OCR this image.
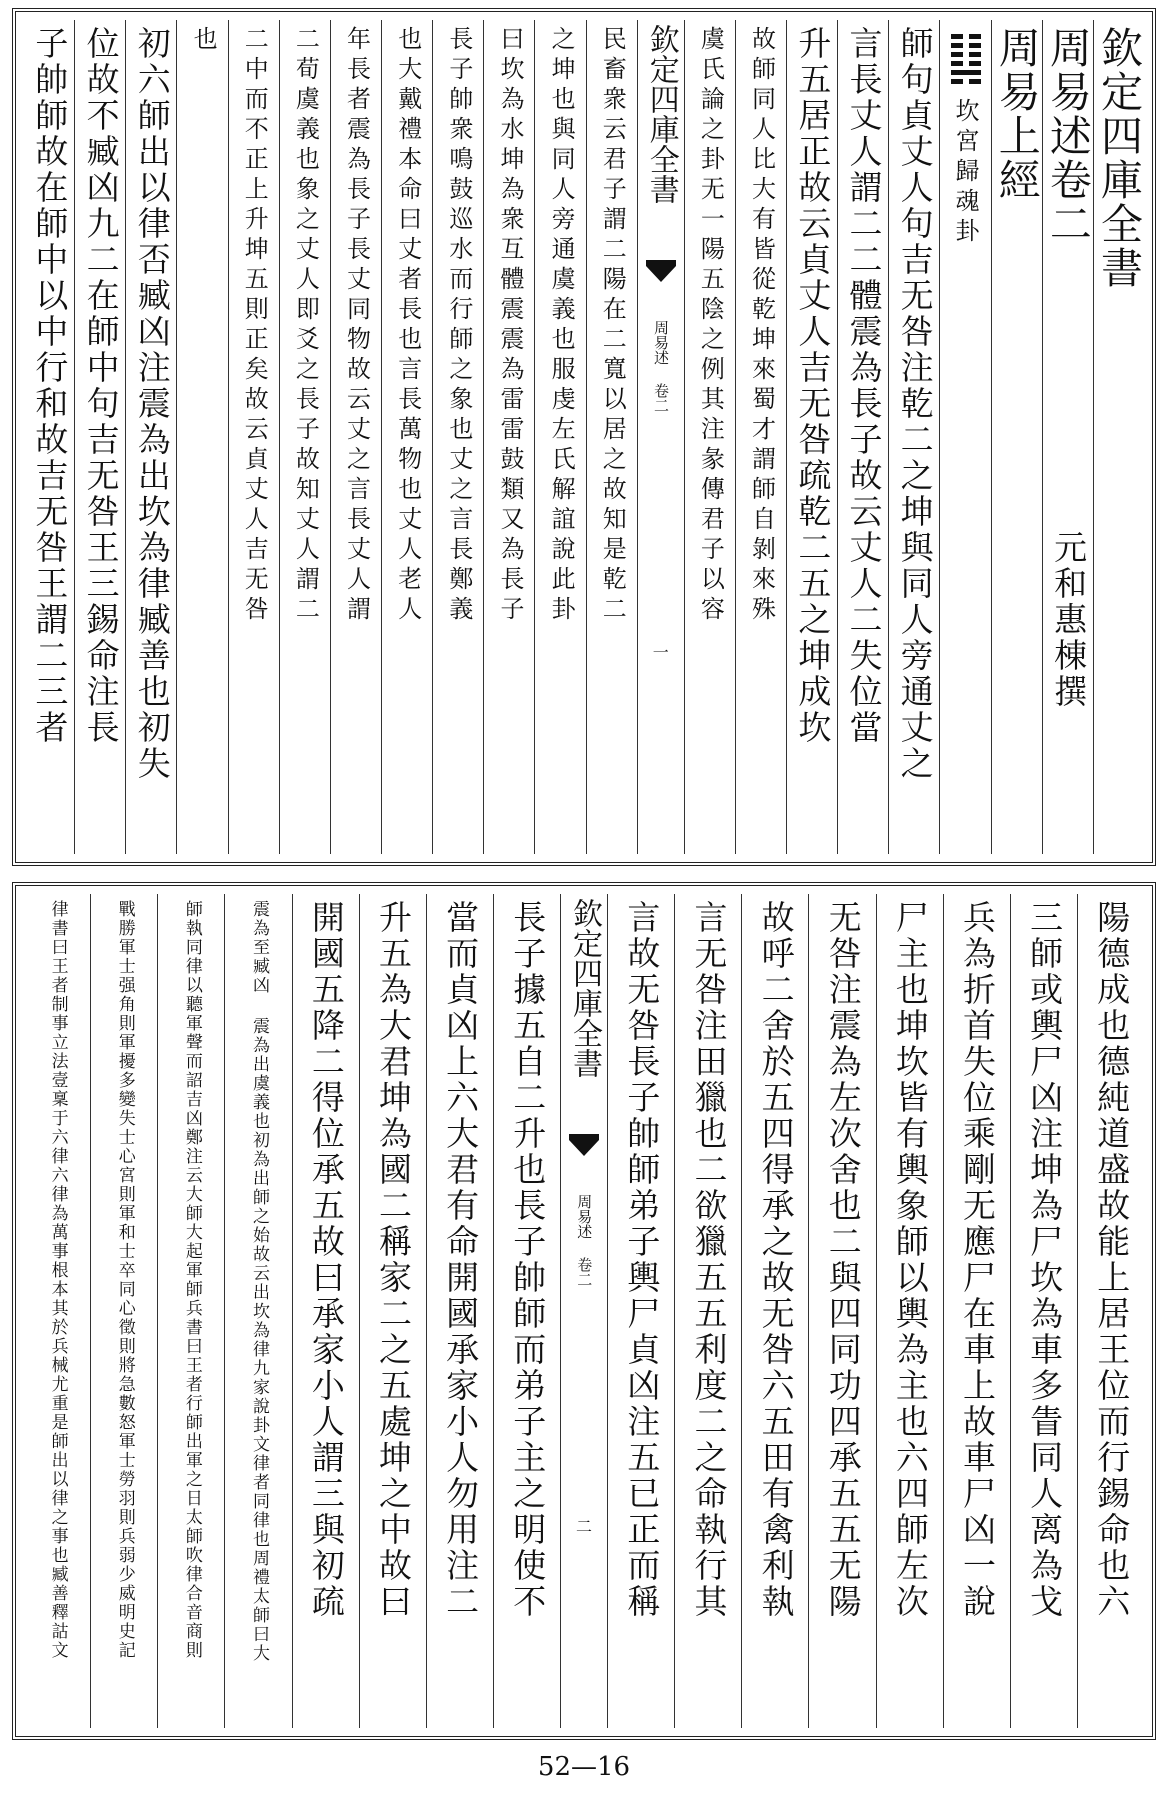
欽定四庫全書
周易述卷二
元和惠棟撰
周易上經
坎宮歸魂卦
師句貞丈人句吉无咎注乾二之坤與同人旁通丈之
言長丈人謂二二體震為長子故云丈人二失位當
升五居正故云貞丈人吉无咎疏乾二五之坤成坎
故師同人比大有皆從乾坤來蜀才謂師自剝來殊
虞氏論之卦无一陽五陰之例其注彖傳君子以容
欽定四庫全書
周易述 卷二
一
民畜衆云君子謂二陽在二寬以居之故知是乾二
之坤也與同人旁通虞義也服虔左氏解誼說此卦
曰坎為水坤為衆互體震震為雷雷鼓類又為長子
長子帥衆鳴鼓巡水而行師之象也丈之言長鄭義
也大戴禮本命曰丈者長也言長萬物也丈人老人
年長者震為長子長丈同物故云丈之言長丈人謂
二荀虞義也象之丈人即爻之長子故知丈人謂二
二中而不正上升坤五則正矣故云貞丈人吉无咎
也
初六師出以律否臧凶注震為出坎為律臧善也初失
位故不臧凶九二在師中句吉无咎王三錫命注長
子帥師故在師中以中行和故吉无咎王謂二三者
陽德成也德純道盛故能上居王位而行錫命也六
三師或輿尸凶注坤為尸坎為車多眚同人离為戈
兵為折首失位乘剛无應尸在車上故車尸凶一說
尸主也坤坎皆有輿象師以輿為主也六四師左次
无咎注震為左次舍也二與四同功四承五五无陽
故呼二舍於五四得承之故无咎六五田有禽利執
言无咎注田獵也二欲獵五五利度二之命執行其
言故无咎長子帥師弟子輿尸貞凶注五已正而稱
欽定四庫全書
周易述 卷二
二
長子據五自二升也長子帥師而弟子主之明使不
當而貞凶上六大君有命開國承家小人勿用注二
升五為大君坤為國二稱家二之五處坤之中故曰
開國五降二得位承五故曰承家小人謂三與初疏
震為至臧凶 震為出虞義也初為出師之始故云出坎為律九家說卦文律者同律也周禮太師曰大
師執同律以聽軍聲而詔吉凶鄭注云大師大起軍師兵書曰王者行師出軍之日太師吹律合音商則
戰勝軍士强角則軍擾多變失士心宮則軍和士卒同心徵則將急數怒軍士勞羽則兵弱少威明史記
律書曰王者制事立法壹稟于六律六律為萬事根本其於兵械尤重是師出以律之事也臧善釋詁文
52—16
